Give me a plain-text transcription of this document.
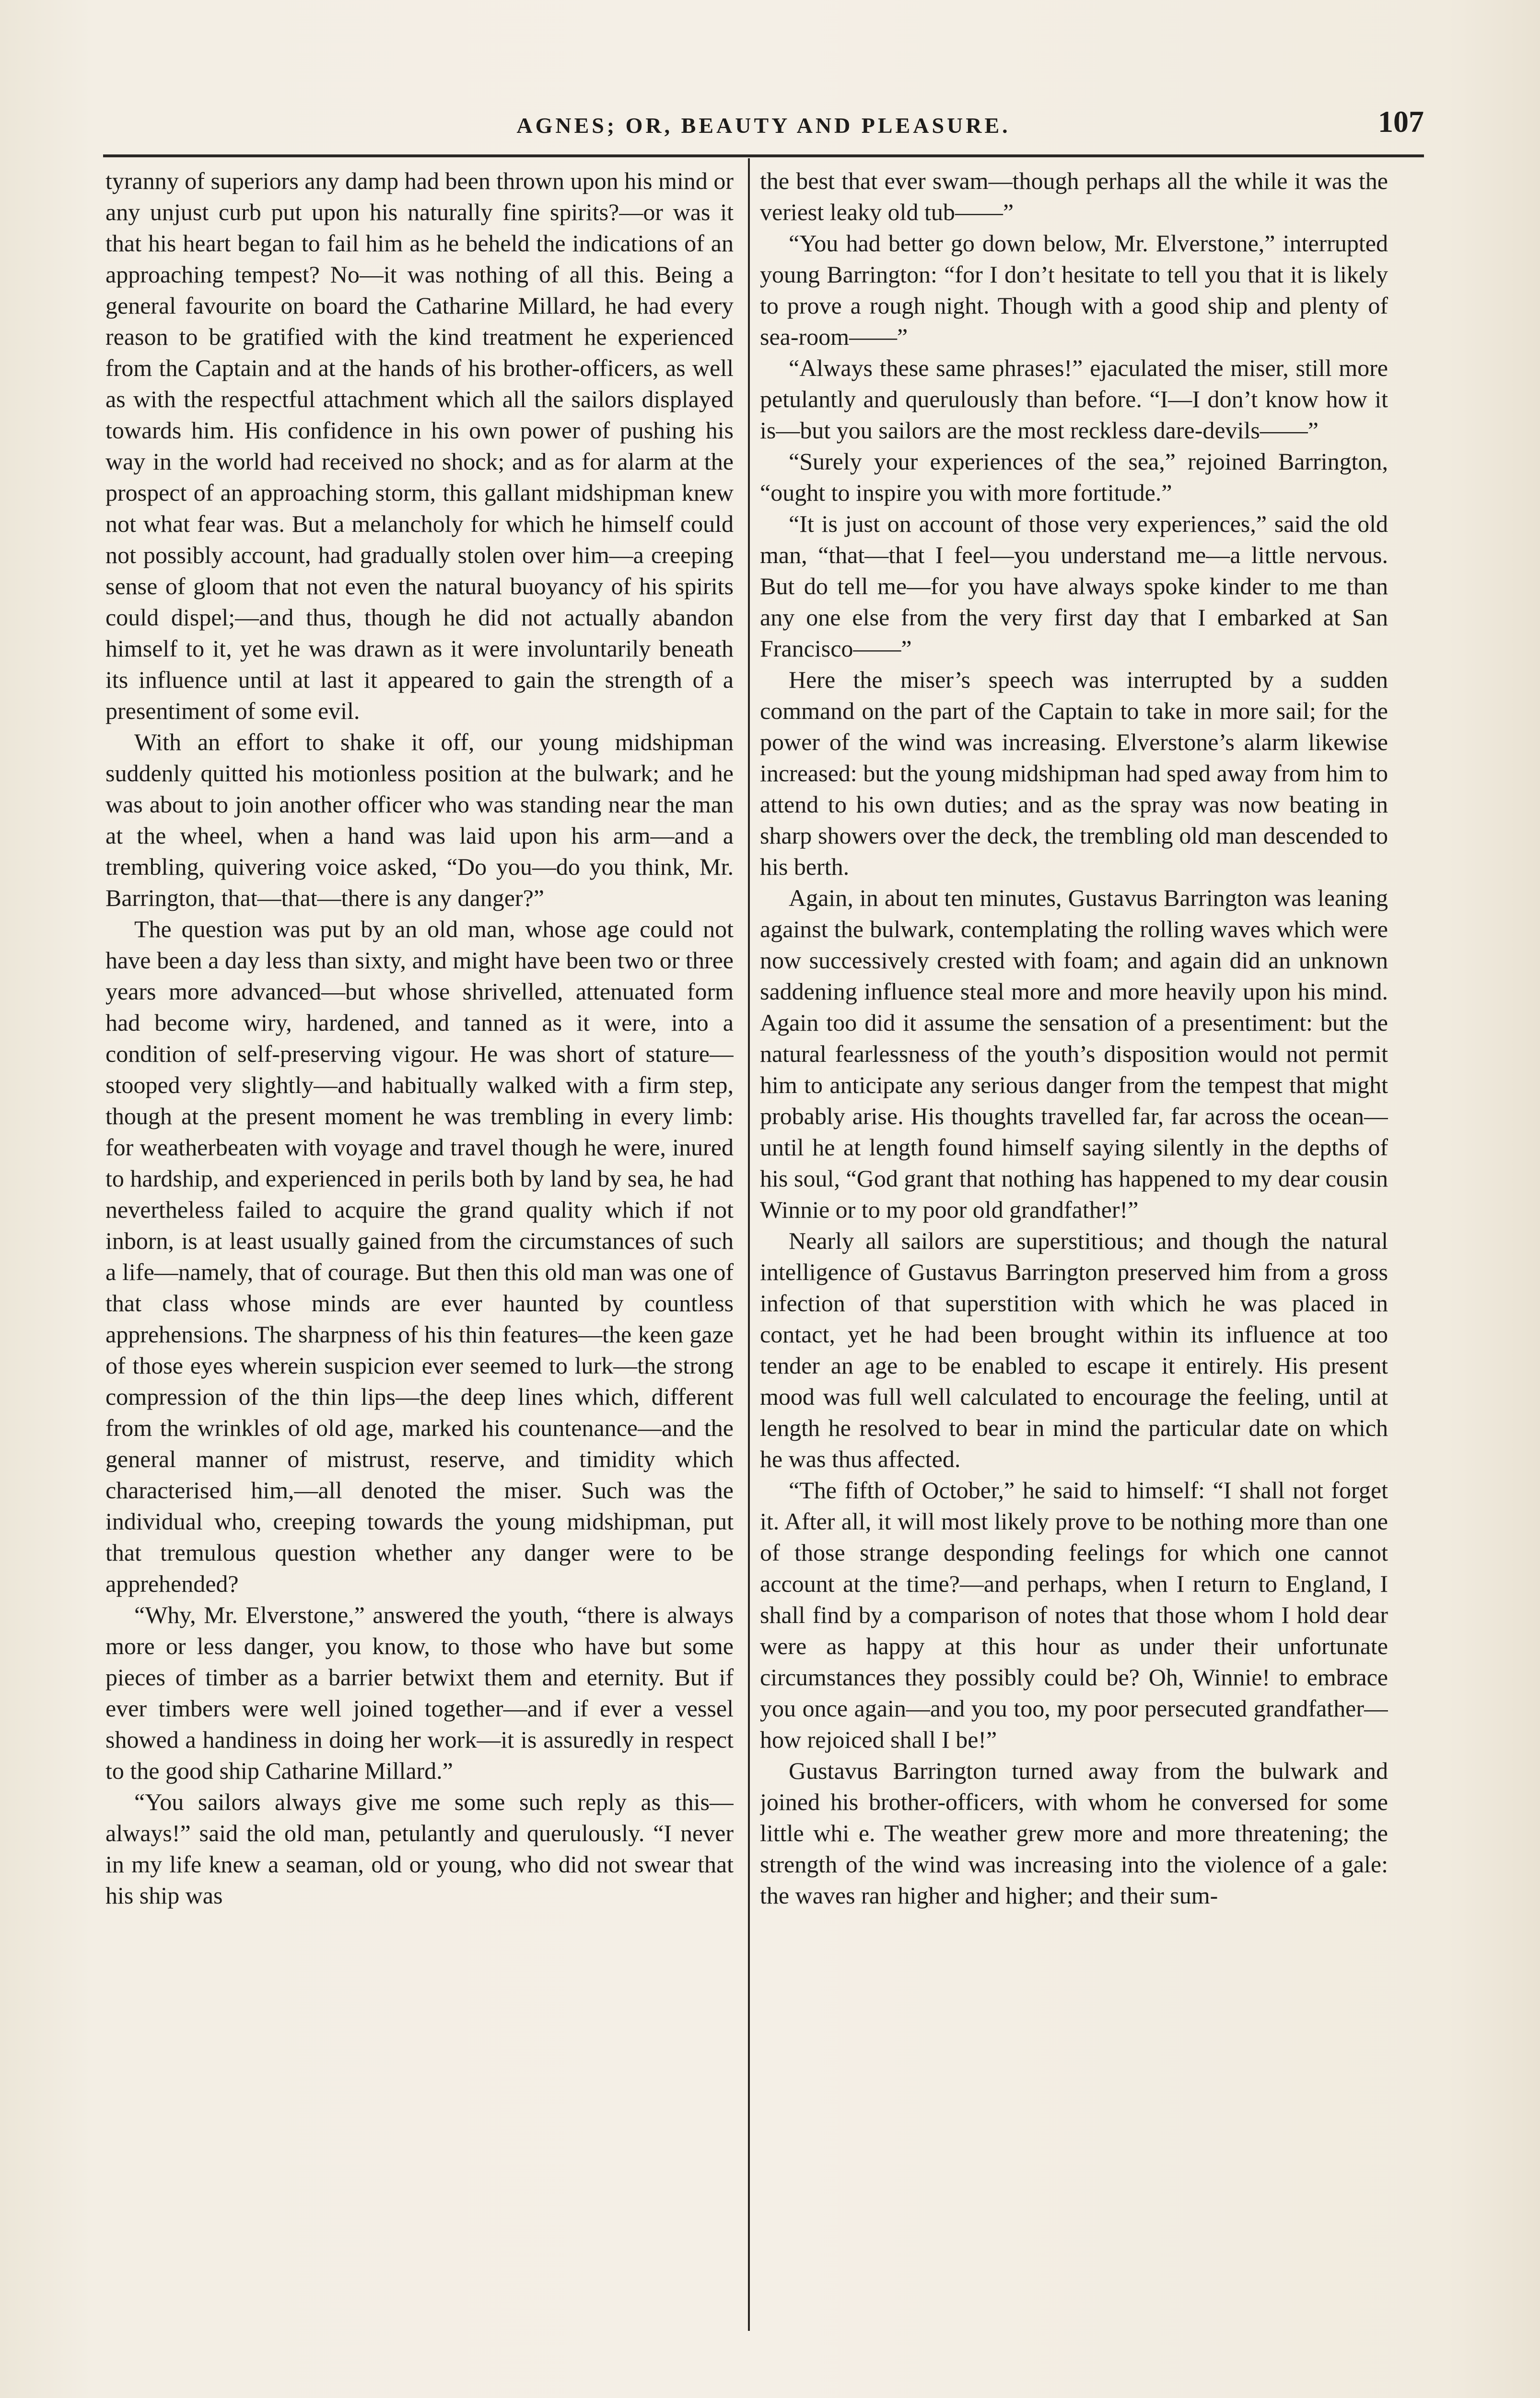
AGNES; OR, BEAUTY AND PLEASURE.	107

tyranny of superiors any damp had been thrown upon his mind or any unjust curb put upon his naturally fine spirits?—or was it that his heart began to fail him as he beheld the indications of an approaching tempest? No—it was nothing of all this. Being a general favourite on board the Catharine Millard, he had every reason to be gratified with the kind treatment he experienced from the Captain and at the hands of his brother-officers, as well as with the respectful attachment which all the sailors displayed towards him. His confidence in his own power of pushing his way in the world had received no shock; and as for alarm at the prospect of an approaching storm, this gallant midshipman knew not what fear was. But a melancholy for which he himself could not possibly account, had gradually stolen over him—a creeping sense of gloom that not even the natural buoyancy of his spirits could dispel;—and thus, though he did not actually abandon himself to it, yet he was drawn as it were involuntarily beneath its influence until at last it appeared to gain the strength of a presentiment of some evil.

With an effort to shake it off, our young midshipman suddenly quitted his motionless position at the bulwark; and he was about to join another officer who was standing near the man at the wheel, when a hand was laid upon his arm—and a trembling, quivering voice asked, “Do you—do you think, Mr. Barrington, that—that—there is any danger?”

The question was put by an old man, whose age could not have been a day less than sixty, and might have been two or three years more advanced—but whose shrivelled, attenuated form had become wiry, hardened, and tanned as it were, into a condition of self-preserving vigour. He was short of stature—stooped very slightly—and habitually walked with a firm step, though at the present moment he was trembling in every limb: for weatherbeaten with voyage and travel though he were, inured to hardship, and experienced in perils both by land by sea, he had nevertheless failed to acquire the grand quality which if not inborn, is at least usually gained from the circumstances of such a life—namely, that of courage. But then this old man was one of that class whose minds are ever haunted by countless apprehensions. The sharpness of his thin features—the keen gaze of those eyes wherein suspicion ever seemed to lurk—the strong compression of the thin lips—the deep lines which, different from the wrinkles of old age, marked his countenance—and the general manner of mistrust, reserve, and timidity which characterised him,—all denoted the miser. Such was the individual who, creeping towards the young midshipman, put that tremulous question whether any danger were to be apprehended?

“Why, Mr. Elverstone,” answered the youth, “there is always more or less danger, you know, to those who have but some pieces of timber as a barrier betwixt them and eternity. But if ever timbers were well joined together—and if ever a vessel showed a handiness in doing her work—it is assuredly in respect to the good ship Catharine Millard.”

“You sailors always give me some such reply as this—always!” said the old man, petulantly and querulously. “I never in my life knew a seaman, old or young, who did not swear that his ship was

the best that ever swam—though perhaps all the while it was the veriest leaky old tub——”

“You had better go down below, Mr. Elverstone,” interrupted young Barrington: “for I don’t hesitate to tell you that it is likely to prove a rough night. Though with a good ship and plenty of sea-room——”

“Always these same phrases!” ejaculated the miser, still more petulantly and querulously than before. “I—I don’t know how it is—but you sailors are the most reckless dare-devils——”

“Surely your experiences of the sea,” rejoined Barrington, “ought to inspire you with more fortitude.”

“It is just on account of those very experiences,” said the old man, “that—that I feel—you understand me—a little nervous. But do tell me—for you have always spoke kinder to me than any one else from the very first day that I embarked at San Francisco——”

Here the miser’s speech was interrupted by a sudden command on the part of the Captain to take in more sail; for the power of the wind was increasing. Elverstone’s alarm likewise increased: but the young midshipman had sped away from him to attend to his own duties; and as the spray was now beating in sharp showers over the deck, the trembling old man descended to his berth.

Again, in about ten minutes, Gustavus Barrington was leaning against the bulwark, contemplating the rolling waves which were now successively crested with foam; and again did an unknown saddening influence steal more and more heavily upon his mind. Again too did it assume the sensation of a presentiment: but the natural fearlessness of the youth’s disposition would not permit him to anticipate any serious danger from the tempest that might probably arise. His thoughts travelled far, far across the ocean—until he at length found himself saying silently in the depths of his soul, “God grant that nothing has happened to my dear cousin Winnie or to my poor old grandfather!”

Nearly all sailors are superstitious; and though the natural intelligence of Gustavus Barrington preserved him from a gross infection of that superstition with which he was placed in contact, yet he had been brought within its influence at too tender an age to be enabled to escape it entirely. His present mood was full well calculated to encourage the feeling, until at length he resolved to bear in mind the particular date on which he was thus affected.

“The fifth of October,” he said to himself: “I shall not forget it. After all, it will most likely prove to be nothing more than one of those strange desponding feelings for which one cannot account at the time?—and perhaps, when I return to England, I shall find by a comparison of notes that those whom I hold dear were as happy at this hour as under their unfortunate circumstances they possibly could be? Oh, Winnie! to embrace you once again—and you too, my poor persecuted grandfather—how rejoiced shall I be!”

Gustavus Barrington turned away from the bulwark and joined his brother-officers, with whom he conversed for some little whi e. The weather grew more and more threatening; the strength of the wind was increasing into the violence of a gale: the waves ran higher and higher; and their sum-
